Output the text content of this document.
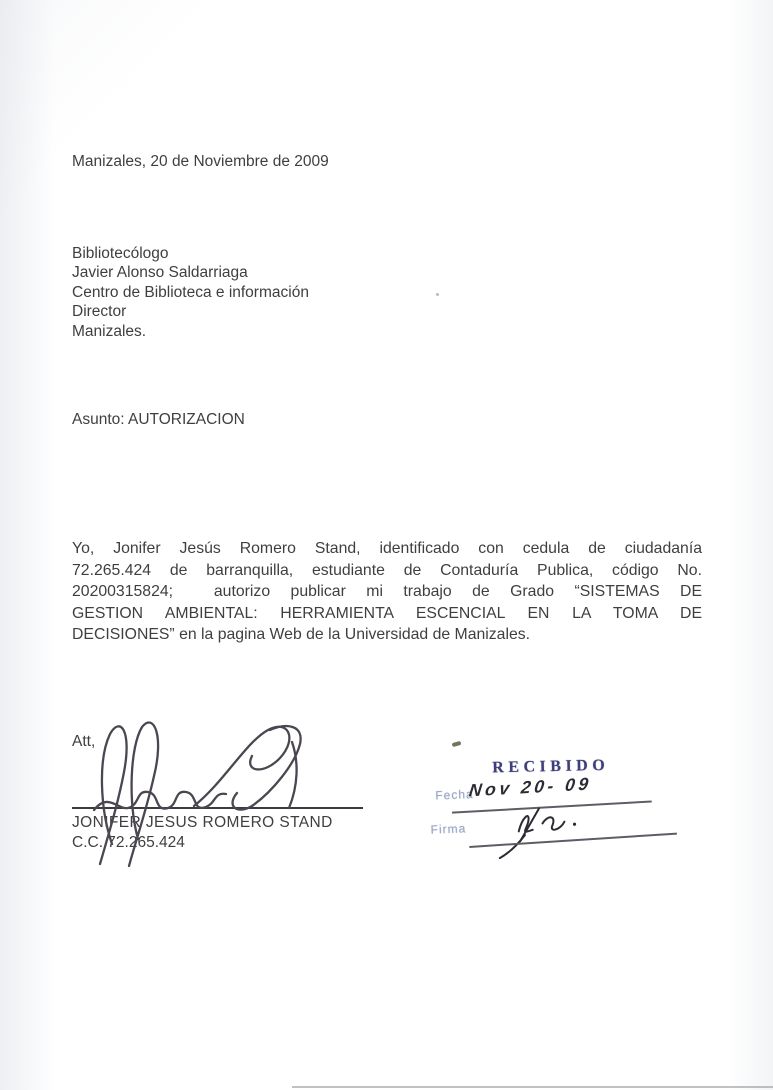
Manizales, 20 de Noviembre de 2009
Bibliotecólogo
Javier Alonso Saldarriaga
Centro de Biblioteca e información
Director
Manizales.
Asunto: AUTORIZACION
Yo, Jonifer Jesús Romero Stand, identificado con cedula de ciudadanía
72.265.424 de barranquilla, estudiante de Contaduría Publica, código No.
20200315824;  autorizo publicar mi trabajo de Grado “SISTEMAS DE
GESTION AMBIENTAL: HERRAMIENTA ESCENCIAL EN LA TOMA DE
DECISIONES” en la pagina Web de la Universidad de Manizales.
Att,
JONIFER JESUS ROMERO STAND
C.C. 72.265.424
RECIBIDO
Fecha
Nov 20- 09
Firma
